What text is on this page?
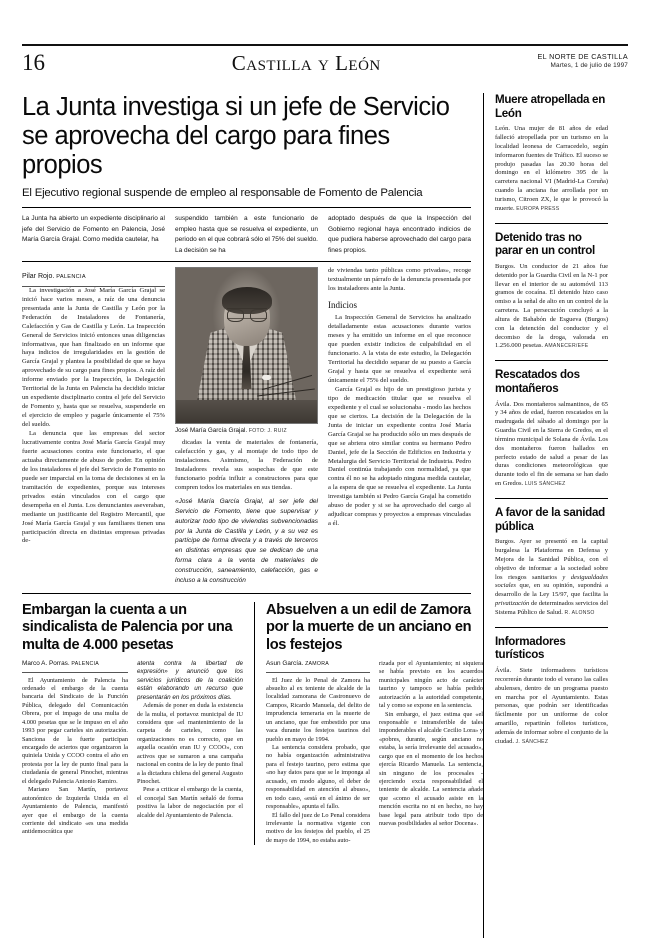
16	Castilla y León	EL NORTE DE CASTILLA
Martes, 1 de julio de 1997
La Junta investiga si un jefe de Servicio se aprovecha del cargo para fines propios
El Ejecutivo regional suspende de empleo al responsable de Fomento de Palencia
La Junta ha abierto un expediente disciplinario al jefe del Servicio de Fomento en Palencia, José María García Grajal. Como medida cautelar, ha
suspendido también a este funcionario de empleo hasta que se resuelva el expediente, un periodo en el que cobrará sólo el 75% del sueldo. La decisión se ha
adoptado después de que la Inspección del Gobierno regional haya encontrado indicios de que pudiera haberse aprovechado del cargo para fines propios.
Pilar Rojo. PALENCIA

La investigación a José María García Grajal se inició hace varios meses, a raíz de una denuncia presentada ante la Junta de Castilla y León por la Federación de Instaladores de Fontanería, Calefacción y Gas de Castilla y León. La Inspección General de Servicios inició entonces unas diligencias informativas, que han finalizado en un informe que haya indicios de irregularidades en la gestión de García Grajal y plantea la posibilidad de que se haya aprovechado de su cargo para fines propios. A raíz del informe enviado por la Inspección, la Delegación Territorial de la Junta en Palencia ha decidido iniciar un expediente disciplinario contra el jefe del Servicio de Fomento y, hasta que se resuelva, suspenderle en el ejercicio de empleo y pagarle únicamente el 75% del sueldo.

La denuncia que las empresas del sector lucrativamente contra José María García Grajal muy fuerte acusaciones contra este funcionario, el que actuaba directamente de abuso de poder. En opinión de los instaladores el jefe del Servicio de Fomento no puede ser imparcial en la toma de decisiones si en la tramitación de expedientes, porque sus intereses privados están vinculados con el cargo que desempeña en el Junta. Los denunciantes aseveraban, mediante un justificante del Registro Mercantil, que José María García Grajal y sus familiares tienen una participación directa en distintas empresas privadas de-

José María García Grajal. FOTO: J. RUIZ

dicadas la venta de materiales de fontanería, calefacción y gas, y al montaje de todo tipo de instalaciones. Asimismo, la Federación de Instaladores revela sus sospechas de que este funcionario podría influir a constructores para que compren todos los materiales en sus tiendas.

«José María García Grajal, al ser jefe del Servicio de Fomento, tiene que supervisar y autorizar todo tipo de viviendas subvencionadas por la Junta de Castilla y León, y a su vez es partícipe de forma directa y a través de terceros en distintas empresas que se dedican de una forma clara a la venta de materiales de construcción, saneamiento, calefacción, gas e incluso a la construcción

de viviendas tanto públicas como privadas», recoge textualmente un párrafo de la denuncia presentada por los instaladores ante la Junta.

Indicios

La Inspección General de Servicios ha analizado detalladamente estas acusaciones durante varios meses y ha emitido un informe en el que reconoce que pueden existir indicios de culpabilidad en el funcionario. A la vista de este estudio, la Delegación Territorial ha decidido separar de su puesto a García Grajal y hasta que se resuelva el expediente será únicamente el 75% del sueldo.

García Grajal es hijo de un prestigioso jurista y tipo de medicación titular que se resuelva el expediente y el cual se solucionaba - modo las hechos que se ciertos. La decisión de la Delegación de la Junta de iniciar un expediente contra José María García Grajal se ha producido sólo un mes después de que se abriera otro similar contra su hermano Pedro Daniel, jefe de la Sección de Edificios en Industria y Metalurgia del Servicio Territorial de Industria. Pedro Daniel continúa trabajando con normalidad, ya que contra él no se ha adoptado ninguna medida cautelar, a la espera de que se resuelva el expediente. La Junta investiga también si Pedro García Grajal ha cometido abuso de poder y si se ha aprovechado del cargo al adjudicar compras y proyectos a empresas vinculadas a él.

Embargan la cuenta a un sindicalista de Palencia por una multa de 4.000 pesetas
Marco A. Porras. PALENCIA

El Ayuntamiento de Palencia ha ordenado el embargo de la cuenta bancaria del Sindicato de la Función Pública, delegado del Comunicación Obrera, por el impago de una multa de 4.000 pesetas que se le impuso en el año 1993 por pegar carteles sin autorización. Sanciona de la fuerte participan encargado de aciertos que organizaron la quiniela Unida y CCOO contra el año en protesta por la ley de punto final para la ciudadanía de general Pinochet, mientras el delegado Palencia Antonio Ramiro.

Mariano San Martín, portavoz autonómico de Izquierda Unida en el Ayuntamiento de Palencia, manifestó ayer que el embargo de la cuenta corriente del sindicato «es una medida antidemocrática que

atenta contra la libertad de expresión» y anunció que los servicios jurídicos de la coalición están elaborando un recurso que presentarán en los próximos días.

Además de poner en duda la existencia de la multa, el portavoz municipal de IU considera que «el mantenimiento de la carpeta de carteles, como las organizaciones no es correcto, que en aquella ocasión eran IU y CCOO», con activos que se sumaron a una campaña nacional en contra de la ley de punto final a la dictadura chilena del general Augusto Pinochet.

Pese a criticar el embargo de la cuenta, el concejal San Martín señaló de forma positiva la labor de negociación por el alcalde del Ayuntamiento de Palencia.

Absuelven a un edil de Zamora por la muerte de un anciano en los festejos
Asun García. ZAMORA

El Juez de lo Penal de Zamora ha absuelto al ex teniente de alcalde de la localidad zamorana de Castronuevo de Campos, Ricardo Manuela, del delito de imprudencia temeraria en la muerte de un anciano, que fue embestido por una vaca durante los festejos taurinos del pueblo en mayo de 1994.

La sentencia considera probado, que no había organización administrativa para el festejo taurino, pero estima que «no hay datos para que se le imponga al acusado, en modo alguno, el deber de responsabilidad en atención al abuso», en todo caso, «está en el ánimo de ser responsable», apunta el fallo.

El fallo del juez de Lo Penal considera irrelevante la normativa vigente con motivo de los festejos del pueblo, el 25 de mayo de 1994, no estaba auto-

rizada por el Ayuntamiento; ni siquiera se había previsto en los acuerdos municipales ningún acto de carácter taurino y tampoco se había pedido autorización a la autoridad competente, tal y como se expone en la sentencia.

Sin embargo, el juez estima que «el responsable e intransferible de tales imponderables el alcalde Cecilio Lora» y «pobres, durante, según anciano no estaba, la sería irrelevante del acusado», cargo que en el momento de los hechos ejercía Ricardo Manuela. La sentencia, sin ninguno de los procesales - ejerciendo excia responsabilidad el teniente de alcalde. La sentencia añade que «como el acusado asiste en la mención escrita no ni en hecho, no hay base legal para atribuir todo tipo de nuevas posibilidades al señor Docena».

Muere atropellada en León
León. Una mujer de 81 años de edad falleció atropellada por un turismo en la localidad leonesa de Carracedelo, según informaron fuentes de Tráfico. El suceso se produjo pasadas las 20.30 horas del domingo en el kilómetro 395 de la carretera nacional VI (Madrid-La Coruña) cuando la anciana fue arrollada por un turismo, Citroen ZX, le que le provocó la muerte. EUROPA PRESS
Detenido tras no parar en un control
Burgos. Un conductor de 21 años fue detenido por la Guardia Civil en la N-1 por llevar en el interior de su automóvil 113 gramos de cocaína. El detenido hizo caso omiso a la señal de alto en un control de la carretera. La persecución concluyó a la altura de Bahabón de Esgueva (Burgos) con la detención del conductor y el decomiso de la droga, valorada en 1.256.000 pesetas. AMANECER/EFE
Rescatados dos montañeros
Ávila. Dos montañeros salmantinos, de 65 y 34 años de edad, fueron rescatados en la madrugada del sábado al domingo por la Guardia Civil en la Sierra de Gredos, en el término municipal de Solana de Ávila. Los dos montañeros fueron hallados en perfecto estado de salud a pesar de las duras condiciones meteorológicas que durante todo el fin de semana se han dado en Gredos. LUIS SÁNCHEZ
A favor de la sanidad pública
Burgos. Ayer se presentó en la capital burgalesa la Plataforma en Defensa y Mejora de la Sanidad Pública, con el objetivo de informar a la sociedad sobre los riesgos sanitarios y desigualdades sociales que, en su opinión, supondrá a desarrollo de la Ley 15/97, que facilita la privatización de determinados servicios del Sistema Público de Salud. R. ALONSO
Informadores turísticos
Ávila. Siete informadores turísticos recorrerán durante todo el verano las calles abulenses, dentro de un programa puesto en marcha por el Ayuntamiento. Estas personas, que podrán ser identificadas fácilmente por un uniforme de color amarillo, repartirán folletos turísticos, además de informar sobre el conjunto de la ciudad. J. SÁNCHEZ
